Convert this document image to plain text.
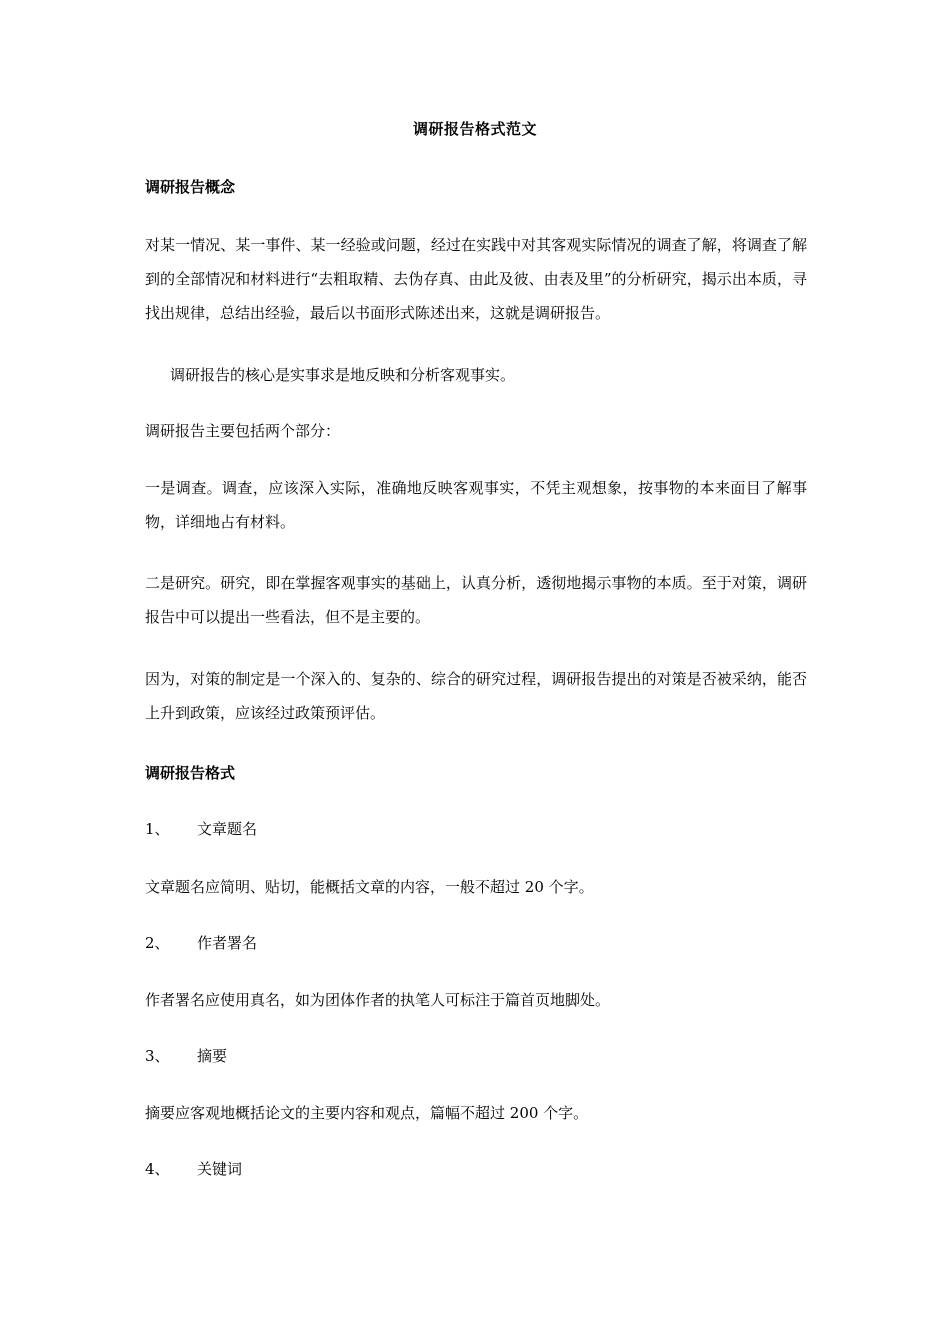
调研报告格式范文
调研报告概念

对某一情况、某一事件、某一经验或问题，经过在实践中对其客观实际情况的调查了解，将调查了解到的全部情况和材料进行“去粗取精、去伪存真、由此及彼、由表及里”的分析研究，揭示出本质，寻找出规律，总结出经验，最后以书面形式陈述出来，这就是调研报告。

调研报告的核心是实事求是地反映和分析客观事实。

调研报告主要包括两个部分：

一是调查。调查，应该深入实际，准确地反映客观事实，不凭主观想象，按事物的本来面目了解事物，详细地占有材料。

二是研究。研究，即在掌握客观事实的基础上，认真分析，透彻地揭示事物的本质。至于对策，调研报告中可以提出一些看法，但不是主要的。

因为，对策的制定是一个深入的、复杂的、综合的研究过程，调研报告提出的对策是否被采纳，能否上升到政策，应该经过政策预评估。

调研报告格式
1、 文章题名
文章题名应简明、贴切，能概括文章的内容，一般不超过 20 个字。
2、 作者署名
作者署名应使用真名，如为团体作者的执笔人可标注于篇首页地脚处。
3、 摘要
摘要应客观地概括论文的主要内容和观点，篇幅不超过 200 个字。
4、 关键词
